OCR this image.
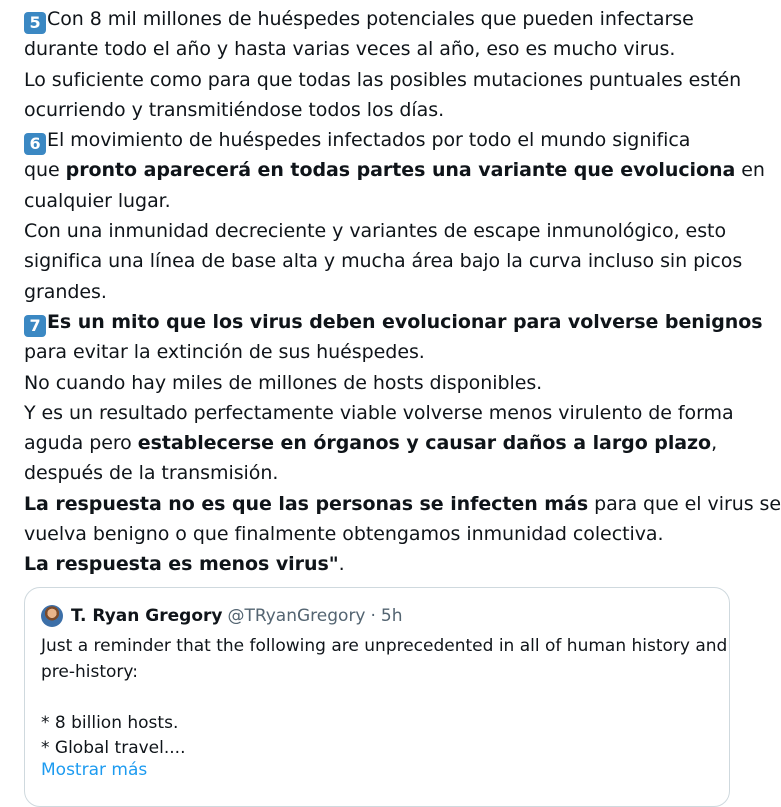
5 Con 8 mil millones de huéspedes potenciales que pueden infectarse
durante todo el año y hasta varias veces al año, eso es mucho virus.
Lo suficiente como para que todas las posibles mutaciones puntuales estén
ocurriendo y transmitiéndose todos los días.
6 El movimiento de huéspedes infectados por todo el mundo significa
que pronto aparecerá en todas partes una variante que evoluciona en
cualquier lugar.
Con una inmunidad decreciente y variantes de escape inmunológico, esto
significa una línea de base alta y mucha área bajo la curva incluso sin picos
grandes.
7 Es un mito que los virus deben evolucionar para volverse benignos
para evitar la extinción de sus huéspedes.
No cuando hay miles de millones de hosts disponibles.
Y es un resultado perfectamente viable volverse menos virulento de forma
aguda pero establecerse en órganos y causar daños a largo plazo,
después de la transmisión.
La respuesta no es que las personas se infecten más para que el virus se
vuelva benigno o que finalmente obtengamos inmunidad colectiva.
La respuesta es menos virus".
T. Ryan Gregory @TRyanGregory · 5h
Just a reminder that the following are unprecedented in all of human history and
pre-history:
* 8 billion hosts.
* Global travel....
Mostrar más
